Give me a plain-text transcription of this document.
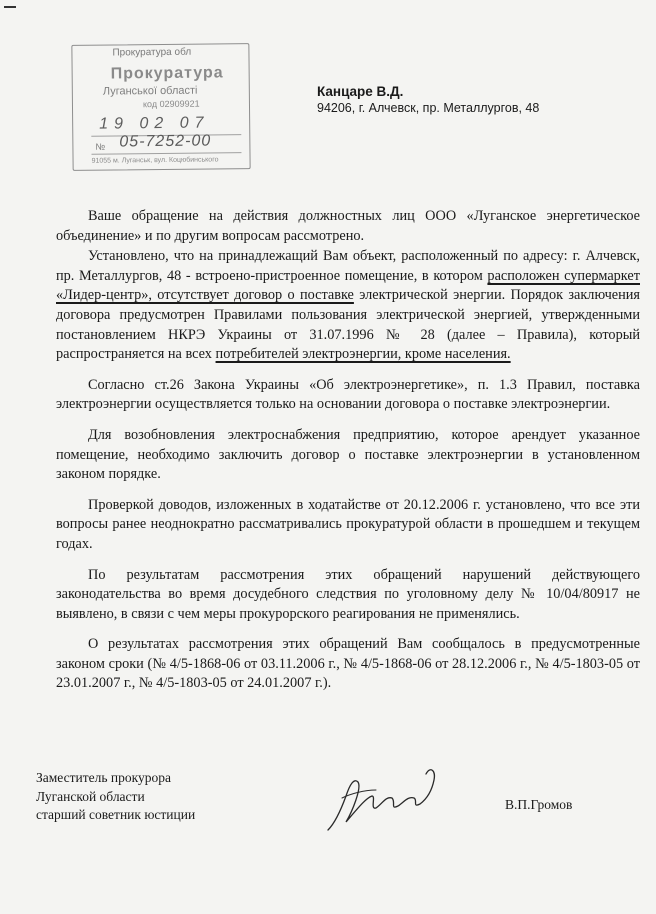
Прокуратура обл
Прокуратура
Луганської області
код 02909921
19 02 07
№ 05-7252-00
91055 м. Луганськ, вул. Коцюбинського
Канцаре В.Д.
94206, г. Алчевск, пр. Металлургов, 48

Ваше обращение на действия должностных лиц ООО «Луганское энергетическое объединение» и по другим вопросам рассмотрено.

Установлено, что на принадлежащий Вам объект, расположенный по адресу: г. Алчевск, пр. Металлургов, 48 - встроено-пристроенное помещение, в котором расположен супермаркет «Лидер-центр», отсутствует договор о поставке электрической энергии. Порядок заключения договора предусмотрен Правилами пользования электрической энергией, утвержденными постановлением НКРЭ Украины от 31.07.1996 № 28 (далее – Правила), который распространяется на всех потребителей электроэнергии, кроме населения.

Согласно ст.26 Закона Украины «Об электроэнергетике», п. 1.3 Правил, поставка электроэнергии осуществляется только на основании договора о поставке электроэнергии.

Для возобновления электроснабжения предприятию, которое арендует указанное помещение, необходимо заключить договор о поставке электроэнергии в установленном законом порядке.

Проверкой доводов, изложенных в ходатайстве от 20.12.2006 г. установлено, что все эти вопросы ранее неоднократно рассматривались прокуратурой области в прошедшем и текущем годах.

По результатам рассмотрения этих обращений нарушений действующего законодательства во время досудебного следствия по уголовному делу № 10/04/80917 не выявлено, в связи с чем меры прокурорского реагирования не применялись.

О результатах рассмотрения этих обращений Вам сообщалось в предусмотренные законом сроки (№ 4/5-1868-06 от 03.11.2006 г., № 4/5-1868-06 от 28.12.2006 г., № 4/5-1803-05 от 23.01.2007 г., № 4/5-1803-05 от 24.01.2007 г.).

Заместитель прокурора
Луганской области
старший советник юстиции
В.П.Громов
